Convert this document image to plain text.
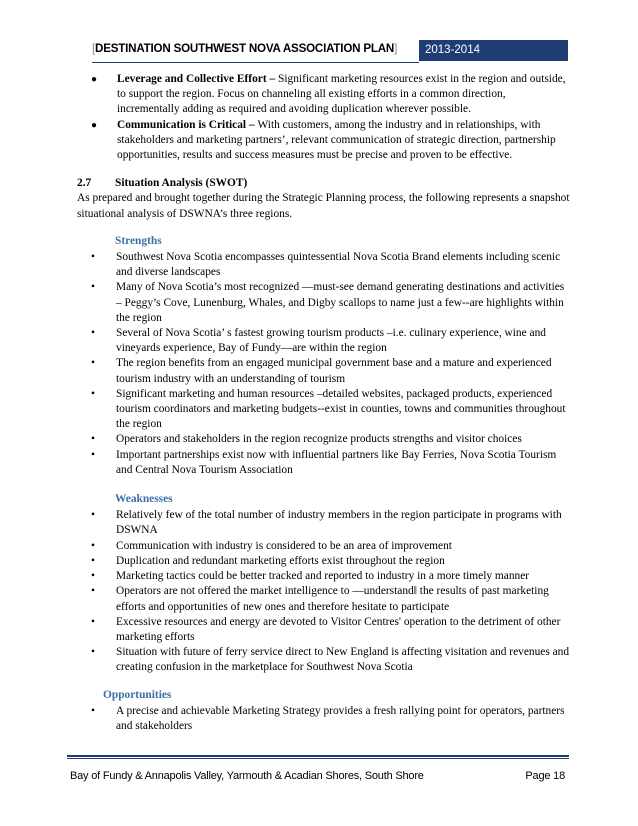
[DESTINATION SOUTHWEST NOVA ASSOCIATION PLAN]	2013-2014
● Leverage and Collective Effort – Significant marketing resources exist in the region and outside, to support the region. Focus on channeling all existing efforts in a common direction, incrementally adding as required and avoiding duplication wherever possible.
● Communication is Critical – With customers, among the industry and in relationships, with stakeholders and marketing partners’, relevant communication of strategic direction, partnership opportunities, results and success measures must be precise and proven to be effective.
2.7 Situation Analysis (SWOT)
As prepared and brought together during the Strategic Planning process, the following represents a snapshot situational analysis of DSWNA’s three regions.
Strengths
• Southwest Nova Scotia encompasses quintessential Nova Scotia Brand elements including scenic and diverse landscapes
• Many of Nova Scotia’s most recognized ―must-see demand generating destinations and activities – Peggy’s Cove, Lunenburg, Whales, and Digby scallops to name just a few--are highlights within the region
• Several of Nova Scotia’ s fastest growing tourism products –i.e. culinary experience, wine and vineyards experience, Bay of Fundy—are within the region
• The region benefits from an engaged municipal government base and a mature and experienced tourism industry with an understanding of tourism
• Significant marketing and human resources –detailed websites, packaged products, experienced tourism coordinators and marketing budgets--exist in counties, towns and communities throughout the region
• Operators and stakeholders in the region recognize products strengths and visitor choices
• Important partnerships exist now with influential partners like Bay Ferries, Nova Scotia Tourism and Central Nova Tourism Association
Weaknesses
• Relatively few of the total number of industry members in the region participate in programs with DSWNA
• Communication with industry is considered to be an area of improvement
• Duplication and redundant marketing efforts exist throughout the region
• Marketing tactics could be better tracked and reported to industry in a more timely manner
• Operators are not offered the market intelligence to ―understand‖ the results of past marketing efforts and opportunities of new ones and therefore hesitate to participate
• Excessive resources and energy are devoted to Visitor Centres' operation to the detriment of other marketing efforts
• Situation with future of ferry service direct to New England is affecting visitation and revenues and creating confusion in the marketplace for Southwest Nova Scotia
Opportunities
• A precise and achievable Marketing Strategy provides a fresh rallying point for operators, partners and stakeholders
Bay of Fundy & Annapolis Valley, Yarmouth & Acadian Shores, South Shore	Page 18
